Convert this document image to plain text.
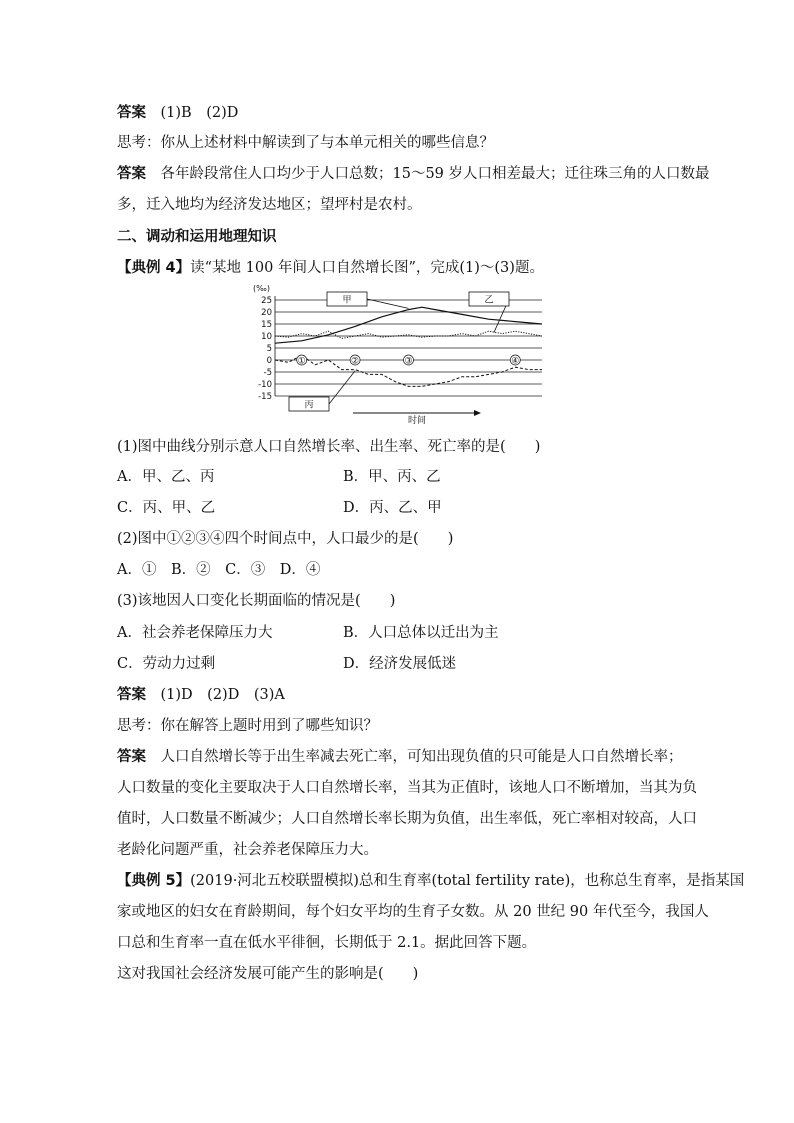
答案　 (1)B　(2)D
思考：你从上述材料中解读到了与本单元相关的哪些信息？
答案　 各年龄段常住人口均少于人口总数；15～59 岁人口相差最大；迁往珠三角的人口数最
多，迁入地均为经济发达地区；望坪村是农村。
二、调动和运用地理知识
【典例 4】读“某地 100 年间人口自然增长图”，完成(1)～(3)题。
(‰)
25
20
15
10
5
0
-5
-10
-15
①	②	③	④
甲	乙
丙
时间
(1)图中曲线分别示意人口自然增长率、出生率、死亡率的是(　　)
A．甲、乙、丙	B．甲、丙、乙
C．丙、甲、乙	D．丙、乙、甲
(2)图中①②③④四个时间点中，人口最少的是(　　)
A．①　B．②　C．③　D．④
(3)该地因人口变化长期面临的情况是(　　)
A．社会养老保障压力大	B．人口总体以迁出为主
C．劳动力过剩	D．经济发展低迷
答案　 (1)D　(2)D　(3)A
思考：你在解答上题时用到了哪些知识？
答案　 人口自然增长等于出生率减去死亡率，可知出现负值的只可能是人口自然增长率；
人口数量的变化主要取决于人口自然增长率，当其为正值时，该地人口不断增加，当其为负
值时，人口数量不断减少；人口自然增长率长期为负值，出生率低，死亡率相对较高，人口
老龄化问题严重，社会养老保障压力大。
【典例 5】(2019·河北五校联盟模拟)总和生育率(total fertility rate)，也称总生育率，是指某国
家或地区的妇女在育龄期间，每个妇女平均的生育子女数。从 20 世纪 90 年代至今，我国人
口总和生育率一直在低水平徘徊，长期低于 2.1。据此回答下题。
这对我国社会经济发展可能产生的影响是(　　)
